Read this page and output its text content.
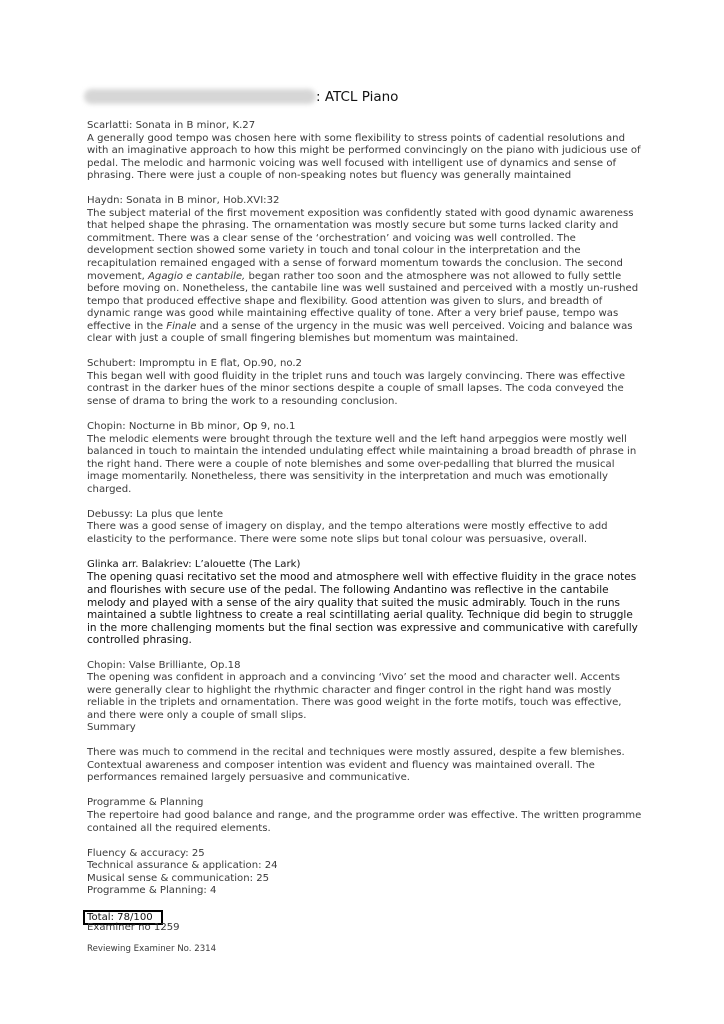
: ATCL Piano

Scarlatti: Sonata in B minor, K.27

A generally good tempo was chosen here with some flexibility to stress points of cadential resolutions and with an imaginative approach to how this might be performed convincingly on the piano with judicious use of pedal. The melodic and harmonic voicing was well focused with intelligent use of dynamics and sense of phrasing. There were just a couple of non-speaking notes but fluency was generally maintained

Haydn: Sonata in B minor, Hob.XVI:32

The subject material of the first movement exposition was confidently stated with good dynamic awareness that helped shape the phrasing. The ornamentation was mostly secure but some turns lacked clarity and commitment. There was a clear sense of the ‘orchestration’ and voicing was well controlled. The development section showed some variety in touch and tonal colour in the interpretation and the recapitulation remained engaged with a sense of forward momentum towards the conclusion. The second movement, Agagio e cantabile, began rather too soon and the atmosphere was not allowed to fully settle before moving on. Nonetheless, the cantabile line was well sustained and perceived with a mostly un-rushed tempo that produced effective shape and flexibility. Good attention was given to slurs, and breadth of dynamic range was good while maintaining effective quality of tone. After a very brief pause, tempo was effective in the Finale and a sense of the urgency in the music was well perceived. Voicing and balance was clear with just a couple of small fingering blemishes but momentum was maintained.

Schubert: Impromptu in E flat, Op.90, no.2

This began well with good fluidity in the triplet runs and touch was largely convincing. There was effective contrast in the darker hues of the minor sections despite a couple of small lapses. The coda conveyed the sense of drama to bring the work to a resounding conclusion.

Chopin: Nocturne in Bb minor, Op 9, no.1

The melodic elements were brought through the texture well and the left hand arpeggios were mostly well balanced in touch to maintain the intended undulating effect while maintaining a broad breadth of phrase in the right hand. There were a couple of note blemishes and some over-pedalling that blurred the musical image momentarily. Nonetheless, there was sensitivity in the interpretation and much was emotionally charged.

Debussy: La plus que lente

There was a good sense of imagery on display, and the tempo alterations were mostly effective to add elasticity to the performance. There were some note slips but tonal colour was persuasive, overall.

Glinka arr. Balakriev: L’alouette (The Lark)

The opening quasi recitativo set the mood and atmosphere well with effective fluidity in the grace notes and flourishes with secure use of the pedal. The following Andantino was reflective in the cantabile melody and played with a sense of the airy quality that suited the music admirably. Touch in the runs maintained a subtle lightness to create a real scintillating aerial quality. Technique did begin to struggle in the more challenging moments but the final section was expressive and communicative with carefully controlled phrasing.

Chopin: Valse Brilliante, Op.18

The opening was confident in approach and a convincing ‘Vivo’ set the mood and character well. Accents were generally clear to highlight the rhythmic character and finger control in the right hand was mostly reliable in the triplets and ornamentation. There was good weight in the forte motifs, touch was effective, and there were only a couple of small slips.

Summary

There was much to commend in the recital and techniques were mostly assured, despite a few blemishes. Contextual awareness and composer intention was evident and fluency was maintained overall. The performances remained largely persuasive and communicative.

Programme & Planning

The repertoire had good balance and range, and the programme order was effective. The written programme contained all the required elements.

Fluency & accuracy: 25

Technical assurance & application: 24

Musical sense & communication: 25

Programme & Planning: 4

Total: 78/100

Examiner no 1259

Reviewing Examiner No. 2314
